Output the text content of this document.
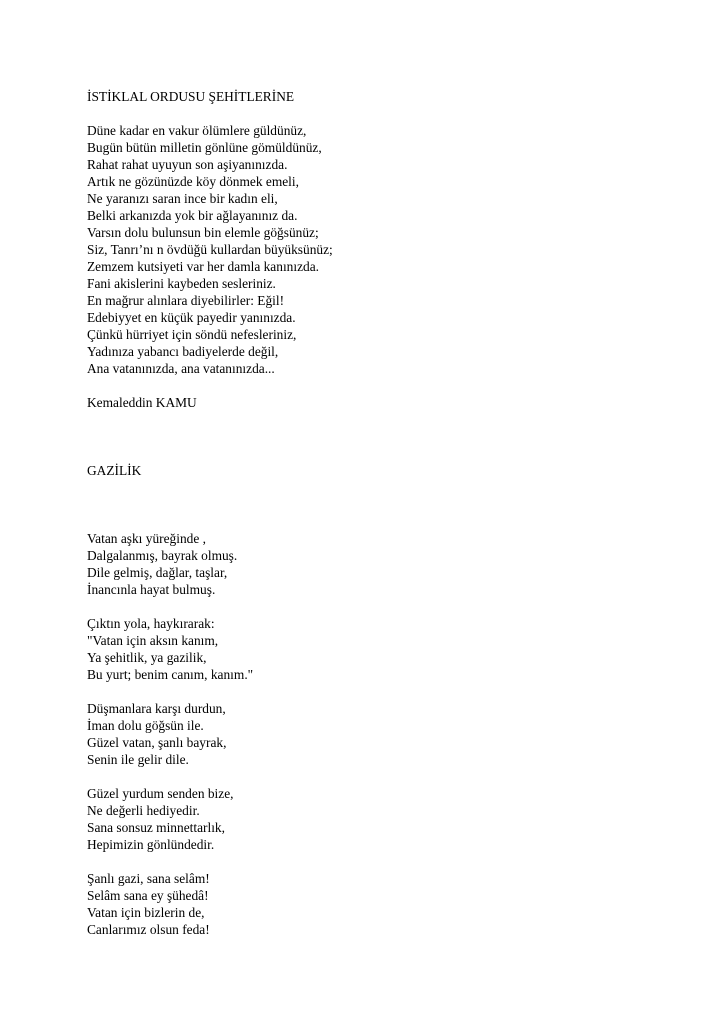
İSTİKLAL ORDUSU ŞEHİTLERİNE
Düne kadar en vakur ölümlere güldünüz,
Bugün bütün milletin gönlüne gömüldünüz,
Rahat rahat uyuyun son aşiyanınızda.
Artık ne gözünüzde köy dönmek emeli,
Ne yaranızı saran ince bir kadın eli,
Belki arkanızda yok bir ağlayanınız da.
Varsın dolu bulunsun bin elemle göğsünüz;
Siz, Tanrı’nı n övdüğü kullardan büyüksünüz;
Zemzem kutsiyeti var her damla kanınızda.
Fani akislerini kaybeden sesleriniz.
En mağrur alınlara diyebilirler: Eğil!
Edebiyyet en küçük payedir yanınızda.
Çünkü hürriyet için söndü nefesleriniz,
Yadınıza yabancı badiyelerde değil,
Ana vatanınızda, ana vatanınızda...
Kemaleddin KAMU
GAZİLİK
Vatan aşkı yüreğinde ,
Dalgalanmış, bayrak olmuş.
Dile gelmiş, dağlar, taşlar,
İnancınla hayat bulmuş.
Çıktın yola, haykırarak:
"Vatan için aksın kanım,
Ya şehitlik, ya gazilik,
Bu yurt; benim canım, kanım."
Düşmanlara karşı durdun,
İman dolu göğsün ile.
Güzel vatan, şanlı bayrak,
Senin ile gelir dile.
Güzel yurdum senden bize,
Ne değerli hediyedir.
Sana sonsuz minnettarlık,
Hepimizin gönlündedir.
Şanlı gazi, sana selâm!
Selâm sana ey şühedâ!
Vatan için bizlerin de,
Canlarımız olsun feda!
